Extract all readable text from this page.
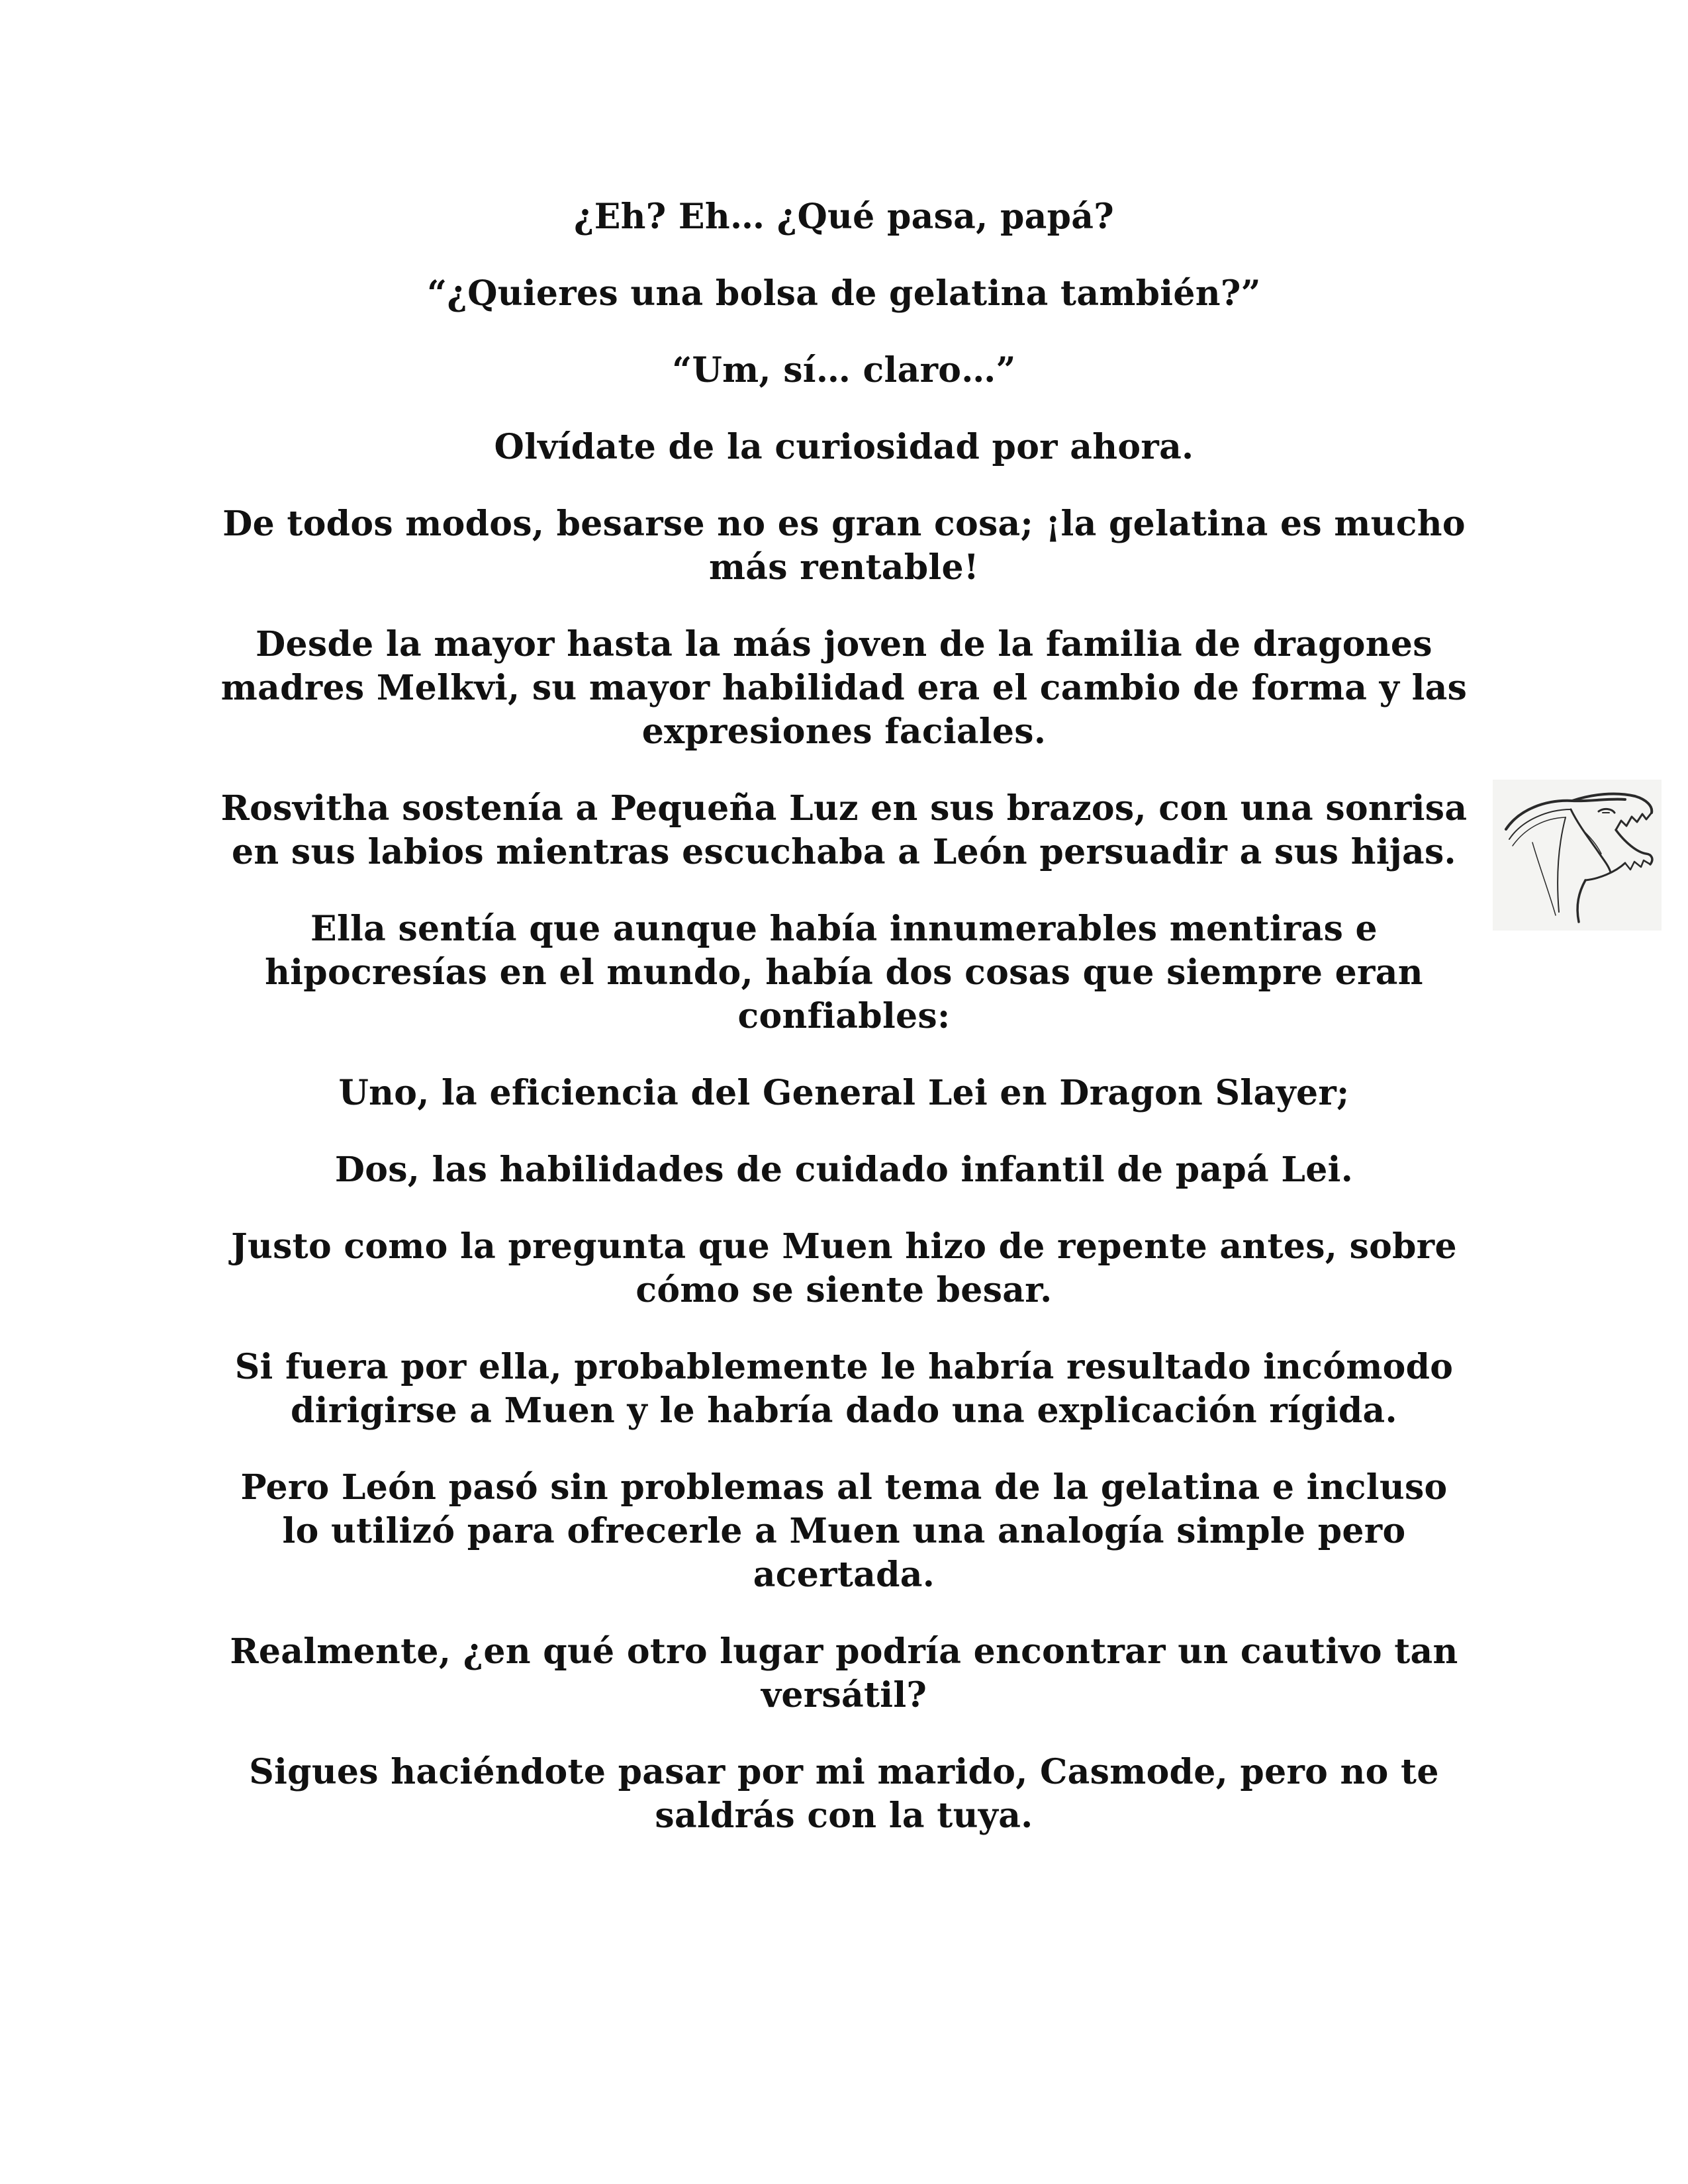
¿Eh? Eh… ¿Qué pasa, papá?

“¿Quieres una bolsa de gelatina también?”

“Um, sí… claro…”

Olvídate de la curiosidad por ahora.

De todos modos, besarse no es gran cosa; ¡la gelatina es mucho más rentable!

Desde la mayor hasta la más joven de la familia de dragones madres Melkvi, su mayor habilidad era el cambio de forma y las expresiones faciales.

Rosvitha sostenía a Pequeña Luz en sus brazos, con una sonrisa en sus labios mientras escuchaba a León persuadir a sus hijas.

Ella sentía que aunque había innumerables mentiras e hipocresías en el mundo, había dos cosas que siempre eran confiables:

Uno, la eficiencia del General Lei en Dragon Slayer;

Dos, las habilidades de cuidado infantil de papá Lei.

Justo como la pregunta que Muen hizo de repente antes, sobre cómo se siente besar.

Si fuera por ella, probablemente le habría resultado incómodo dirigirse a Muen y le habría dado una explicación rígida.

Pero León pasó sin problemas al tema de la gelatina e incluso lo utilizó para ofrecerle a Muen una analogía simple pero acertada.

Realmente, ¿en qué otro lugar podría encontrar un cautivo tan versátil?

Sigues haciéndote pasar por mi marido, Casmode, pero no te saldrás con la tuya.
